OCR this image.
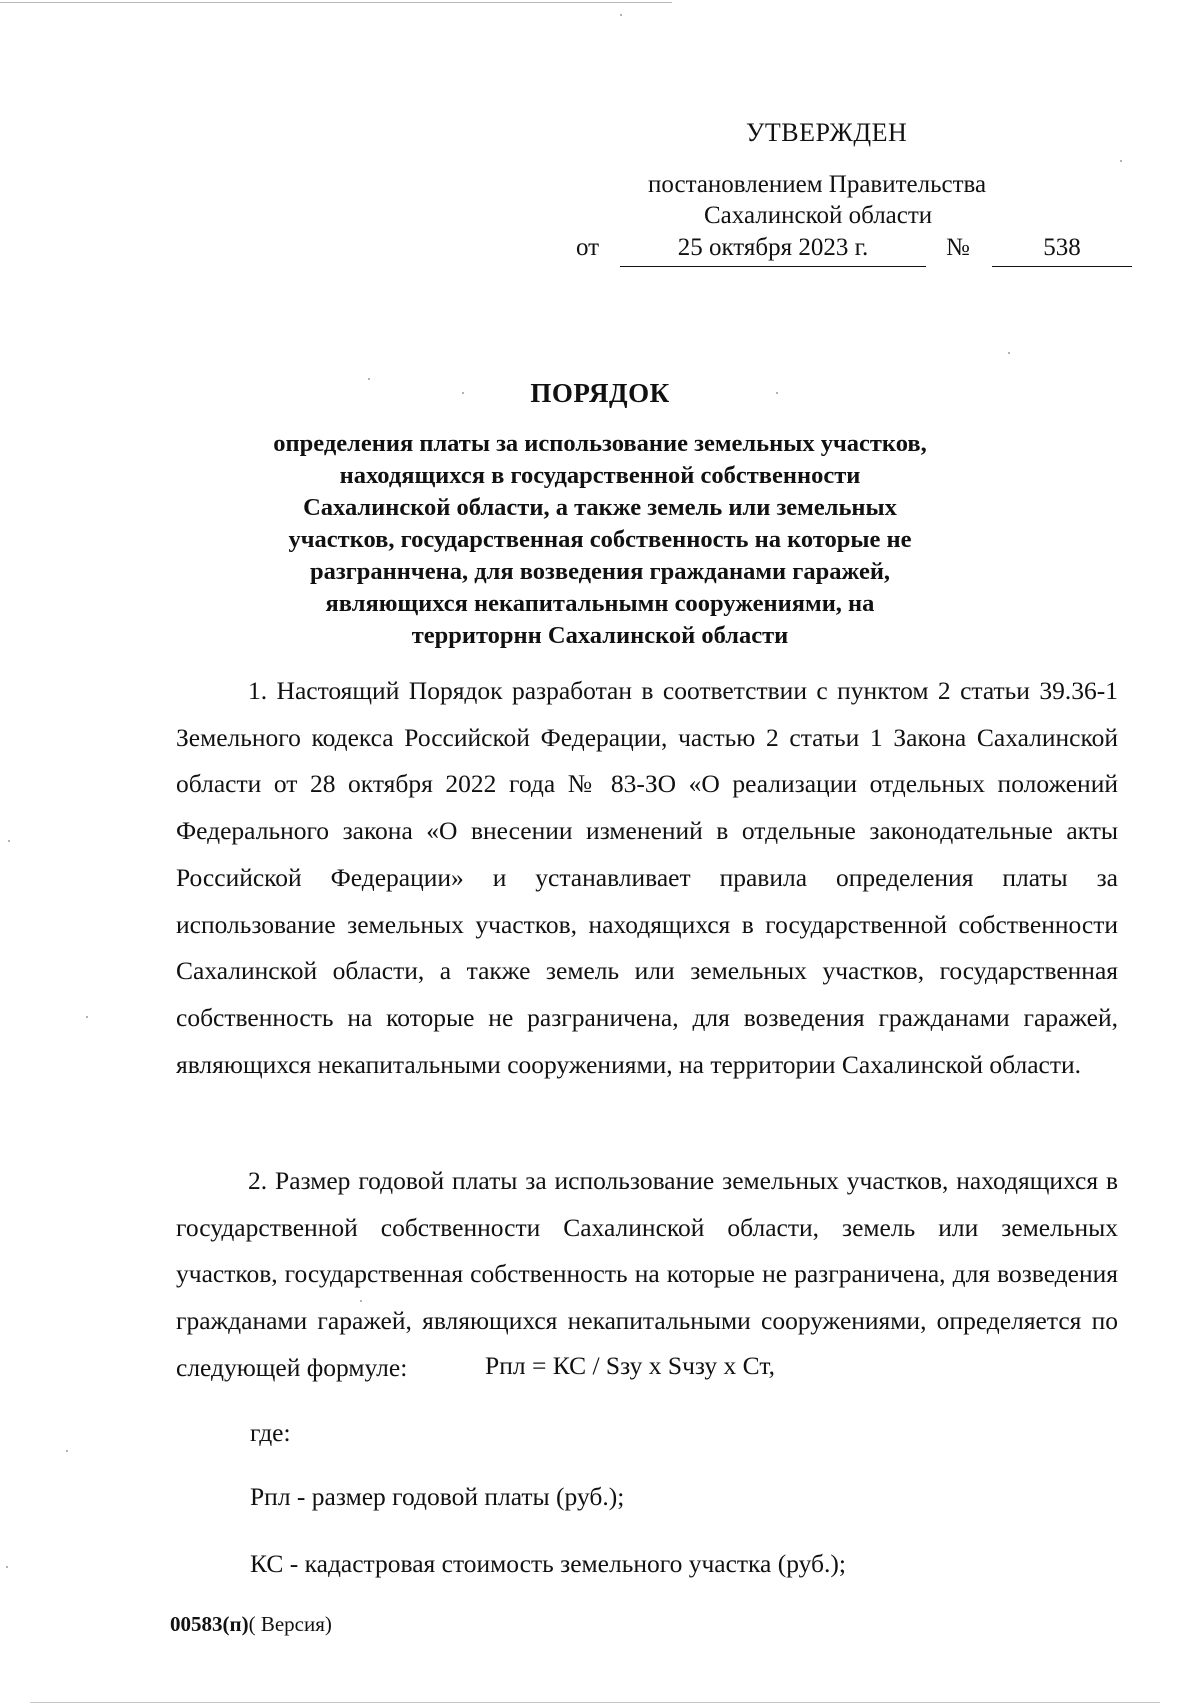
УТВЕРЖДЕН
постановлением Правительства
Сахалинской области
от	25 октября 2023 г.	№	538
ПОРЯДОК
определения платы за использование земельных участков,
находящихся в государственной собственности
Сахалинской области, а также земель или земельных
участков, государственная собственность на которые не
разграннчена, для возведения гражданами гаражей,
являющихся некапитальнымн сооружениями, на
территорнн Сахалинской области

1. Настоящий Порядок разработан в соответствии с пунктом 2 статьи 39.36-1 Земельного кодекса Российской Федерации, частью 2 статьи 1 Закона Сахалинской области от 28 октября 2022 года № 83-ЗО «О реализации отдельных положений Федерального закона «О внесении изменений в отдельные законодательные акты Российской Федерации» и устанавливает правила определения платы за использование земельных участков, находящихся в государственной собственности Сахалинской области, а также земель или земельных участков, государственная собственность на которые не разграничена, для возведения гражданами гаражей, являющихся некапитальными сооружениями, на территории Сахалинской области.

2. Размер годовой платы за использование земельных участков, находящихся в государственной собственности Сахалинской области, земель или земельных участков, государственная собственность на которые не разграничена, для возведения гражданами гаражей, являющихся некапитальными сооружениями, определяется по следующей формуле:	Рпл = КС / Sзу х Sчзу х Ст,
где:
Рпл - размер годовой платы (руб.);
КС - кадастровая стоимость земельного участка (руб.);
00583(п)( Версия)
